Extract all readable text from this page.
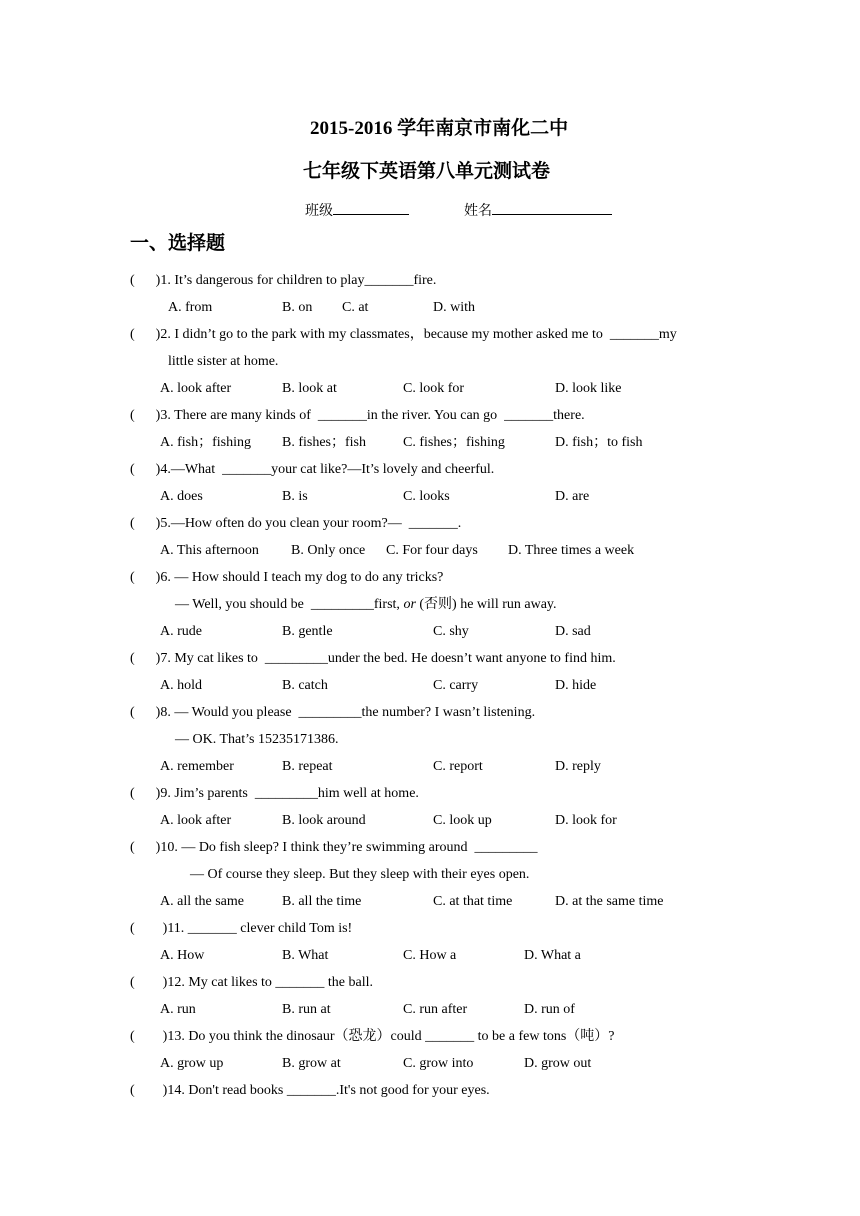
2015-2016 学年南京市南化二中
七年级下英语第八单元测试卷
班级	姓名
一、选择题
(      )1. It’s dangerous for children to play_______fire.
A. from	B. on C. at	D. with
(      )2. I didn’t go to the park with my classmates，because my mother asked me to  _______my
little sister at home.
A. look after	B. look at	C. look for	D. look like
(      )3. There are many kinds of  _______in the river. You can go  _______there.
A. fish；fishing B. fishes；fish	C. fishes；fishing	D. fish；to fish
(      )4.—What  _______your cat like?—It’s lovely and cheerful.
A. does	B. is	C. looks	D. are
(      )5.—How often do you clean your room?—  _______.
A. This afternoon B. Only once C. For four days D. Three times a week
(      )6. — How should I teach my dog to do any tricks?
— Well, you should be  _________first, or (否则) he will run away.
A. rude	B. gentle	C. shy	D. sad
(      )7. My cat likes to  _________under the bed. He doesn’t want anyone to find him.
A. hold	B. catch	C. carry	D. hide
(      )8. — Would you please  _________the number? I wasn’t listening.
— OK. That’s 15235171386.
A. remember	B. repeat	C. report	D. reply
(      )9. Jim’s parents  _________him well at home.
A. look after	B. look around	C. look up	D. look for
(      )10. — Do fish sleep? I think they’re swimming around  _________
— Of course they sleep. But they sleep with their eyes open.
A. all the same	B. all the time	C. at that time	D. at the same time
(        )11. _______ clever child Tom is!
A. How	B. What	C. How a	D. What a
(        )12. My cat likes to _______ the ball.
A. run	B. run at	C. run after	D. run of
(        )13. Do you think the dinosaur（恐龙）could _______ to be a few tons（吨）?
A. grow up	B. grow at	C. grow into	D. grow out
(        )14. Don't read books _______.It's not good for your eyes.
